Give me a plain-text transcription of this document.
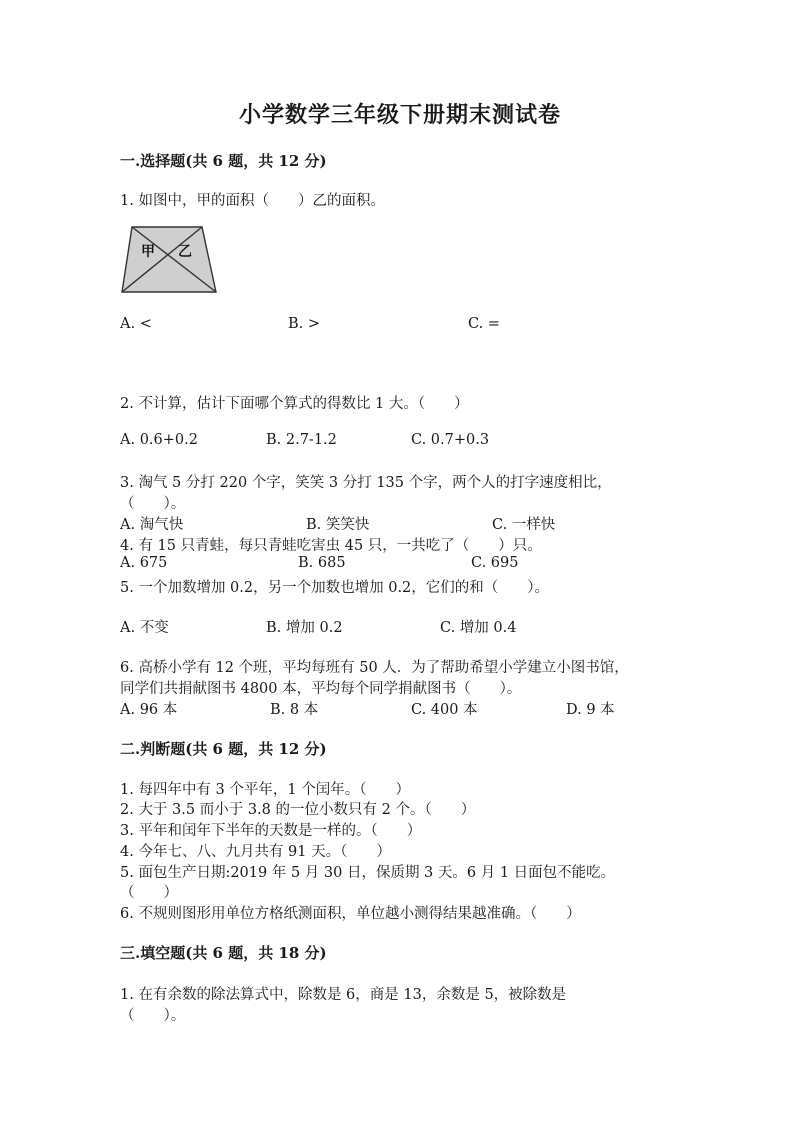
小学数学三年级下册期末测试卷
一.选择题(共 6 题，共 12 分)
1. 如图中，甲的面积（　　）乙的面积。
甲 乙
A. <	B. >	C. =
2. 不计算，估计下面哪个算式的得数比 1 大。（　　）
A. 0.6+0.2	B. 2.7-1.2	C. 0.7+0.3
3. 淘气 5 分打 220 个字，笑笑 3 分打 135 个字，两个人的打字速度相比，
（　　）。
A. 淘气快	B. 笑笑快	C. 一样快
4. 有 15 只青蛙，每只青蛙吃害虫 45 只，一共吃了（　　）只。
A. 675	B. 685	C. 695
5. 一个加数增加 0.2，另一个加数也增加 0.2，它们的和（　　）。
A. 不变	B. 增加 0.2	C. 增加 0.4
6. 高桥小学有 12 个班，平均每班有 50 人．为了帮助希望小学建立小图书馆，
同学们共捐献图书 4800 本，平均每个同学捐献图书（　　）。
A. 96 本	B. 8 本	C. 400 本	D. 9 本
二.判断题(共 6 题，共 12 分)
1. 每四年中有 3 个平年，1 个闰年。（　　）
2. 大于 3.5 而小于 3.8 的一位小数只有 2 个。（　　）
3. 平年和闰年下半年的天数是一样的。（　　）
4. 今年七、八、九月共有 91 天。（　　）
5. 面包生产日期:2019 年 5 月 30 日，保质期 3 天。6 月 1 日面包不能吃。
（　　）
6. 不规则图形用单位方格纸测面积，单位越小测得结果越准确。（　　）
三.填空题(共 6 题，共 18 分)
1. 在有余数的除法算式中，除数是 6，商是 13，余数是 5，被除数是
（　　）。
